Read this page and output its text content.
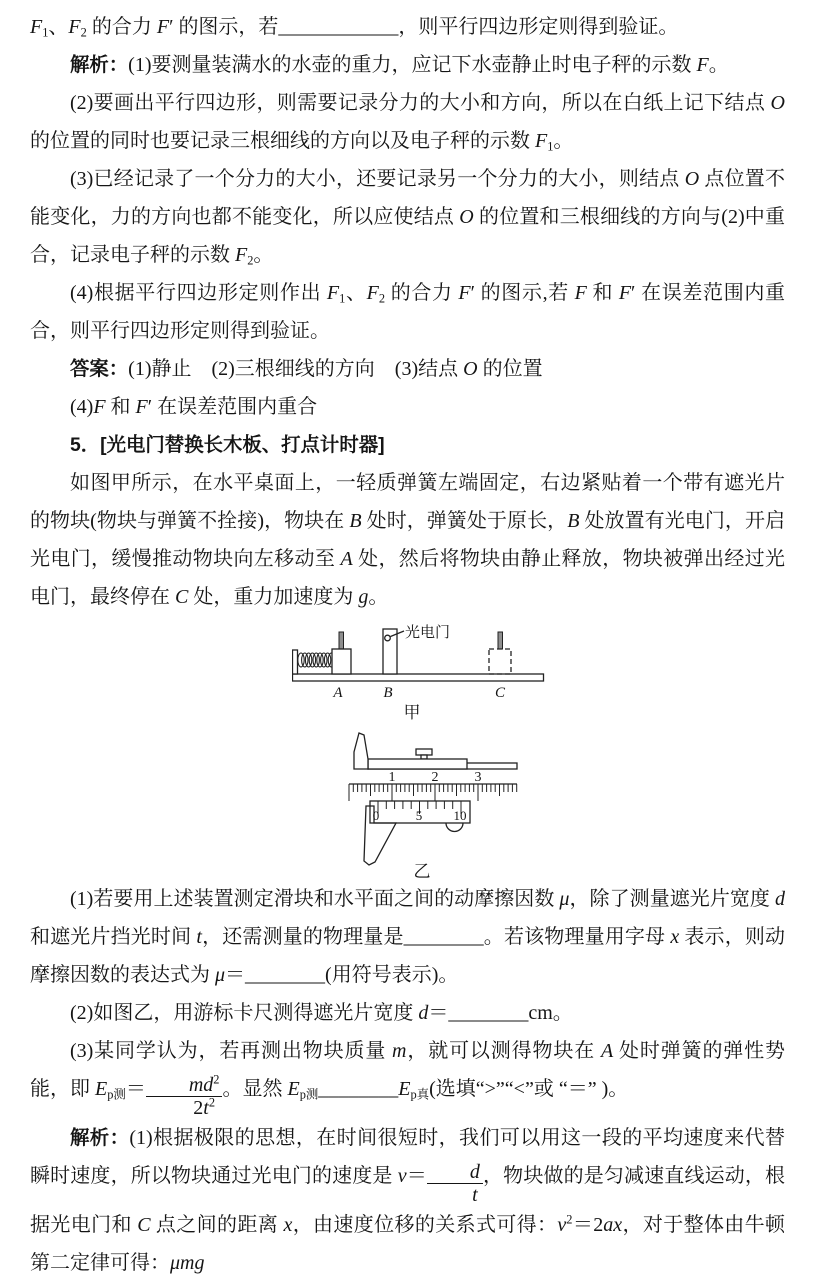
$F_1$、$F_2$ 的合力 F′ 的图示，若____________，则平行四边形定则得到验证。

解析：(1)要测量装满水的水壶的重力，应记下水壶静止时电子秤的示数 F。

(2)要画出平行四边形，则需要记录分力的大小和方向，所以在白纸上记下结点 O 的位置的同时也要记录三根细线的方向以及电子秤的示数 $F_1$。

(3)已经记录了一个分力的大小，还要记录另一个分力的大小，则结点 O 点位置不能变化，力的方向也都不能变化，所以应使结点 O 的位置和三根细线的方向与(2)中重合，记录电子秤的示数 $F_2$。

(4)根据平行四边形定则作出 $F_1$、$F_2$ 的合力 F′ 的图示,若 F 和 F′ 在误差范围内重合，则平行四边形定则得到验证。

答案：(1)静止　(2)三根细线的方向　(3)结点 O 的位置

(4)F 和 F′ 在误差范围内重合

5．[光电门替换长木板、打点计时器]

如图甲所示，在水平桌面上，一轻质弹簧左端固定，右边紧贴着一个带有遮光片的物块(物块与弹簧不拴接)，物块在 B 处时，弹簧处于原长，B 处放置有光电门，开启光电门，缓慢推动物块向左移动至 A 处，然后将物块由静止释放，物块被弹出经过光电门，最终停在 C 处，重力加速度为 g。

光电门
A	B	C
甲
1	2	3
0	5 10
乙

(1)若要用上述装置测定滑块和水平面之间的动摩擦因数 μ，除了测量遮光片宽度 d 和遮光片挡光时间 t，还需测量的物理量是________。若该物理量用字母 x 表示，则动摩擦因数的表达式为 μ＝________(用符号表示)。

(2)如图乙，用游标卡尺测得遮光片宽度 d＝________cm。

(3)某同学认为，若再测出物块质量 m，就可以测得物块在 A 处时弹簧的弹性势能，即 $E_{p测}= \frac{md^2}{2t^2}$ 。显然 $E_{p测}\_\_\_\_\_\_\_\_E_{p真}$(选填“>”“<”或 “＝” )。

解析：(1)根据极限的思想，在时间很短时，我们可以用这一段的平均速度来代替瞬时速度，所以物块通过光电门的速度是 $v= \frac{d}{t}$ ，物块做的是匀减速直线运动，根据光电门和 C 点之间的距离 x，由速度位移的关系式可得：$v^2=2ax$，对于整体由牛顿第二定律可得：μmg
